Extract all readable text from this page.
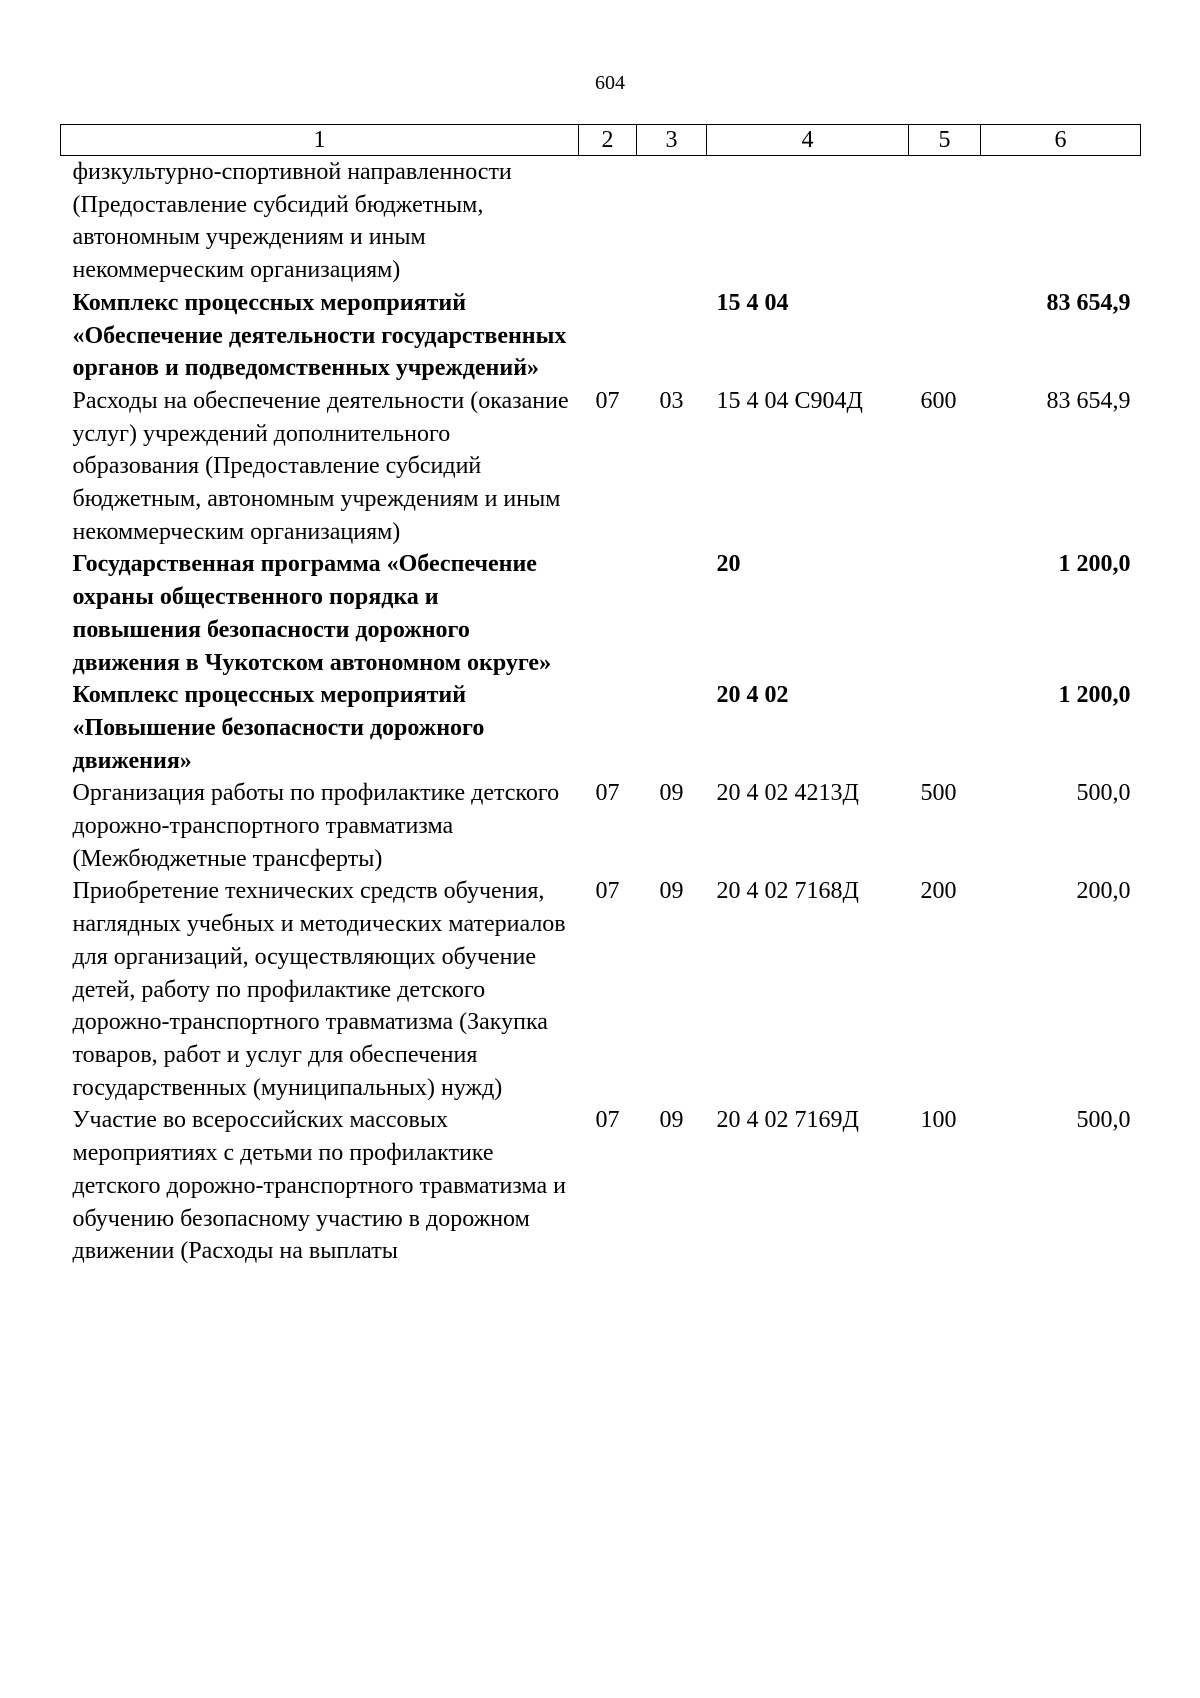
604
1	2	3	4	5	6
физкультурно-спортивной направленности (Предоставление субсидий бюджетным, автономным учреждениям и иным некоммерческим организациям)					
Комплекс процессных мероприятий «Обеспечение деятельности государственных органов и подведомственных учреждений»			15 4 04		83 654,9
Расходы на обеспечение деятельности (оказание услуг) учреждений дополнительного образования (Предоставление субсидий бюджетным, автономным учреждениям и иным некоммерческим организациям)	07	03	15 4 04 С904Д	600	83 654,9
Государственная программа «Обеспечение охраны общественного порядка и повышения безопасности дорожного движения в Чукотском автономном округе»			20		1 200,0
Комплекс процессных мероприятий «Повышение безопасности дорожного движения»			20 4 02		1 200,0
Организация работы по профилактике детского дорожно-транспортного травматизма (Межбюджетные трансферты)	07	09	20 4 02 4213Д	500	500,0
Приобретение технических средств обучения, наглядных учебных и методических материалов для организаций, осуществляющих обучение детей, работу по профилактике детского дорожно-транспортного травматизма (Закупка товаров, работ и услуг для обеспечения государственных (муниципальных) нужд)	07	09	20 4 02 7168Д	200	200,0
Участие во всероссийских массовых мероприятиях с детьми по профилактике детского дорожно-транспортного травматизма и обучению безопасному участию в дорожном движении (Расходы на выплаты	07	09	20 4 02 7169Д	100	500,0
